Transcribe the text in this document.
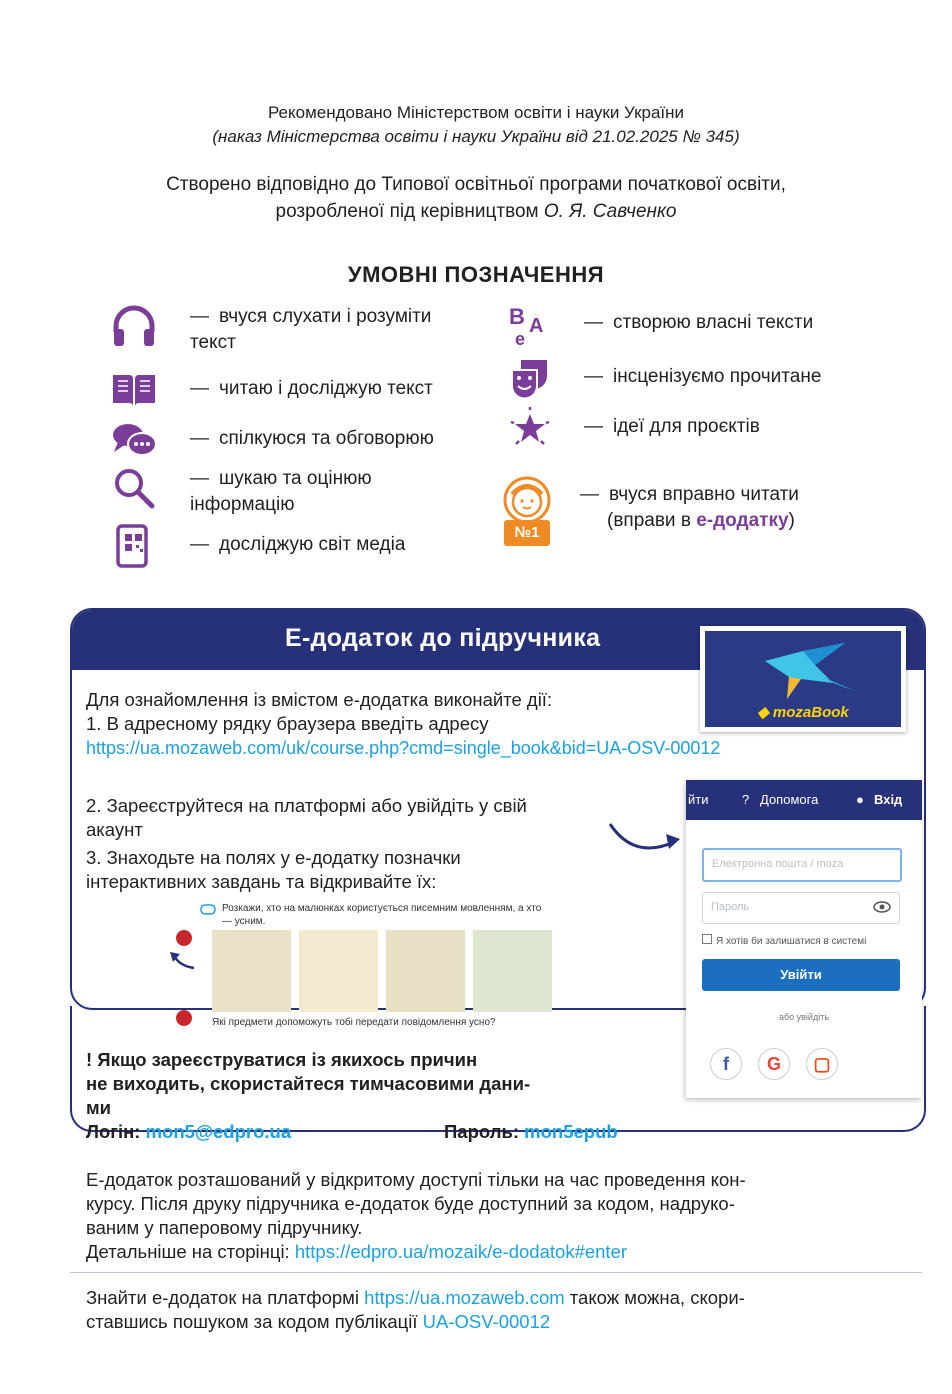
Рекомендовано Міністерством освіти і науки України
(наказ Міністерства освіти і науки України від 21.02.2025 № 345)
Створено відповідно до Типової освітньої програми початкової освіти,
розробленої під керівництвом О. Я. Савченко
УМОВНІ ПОЗНАЧЕННЯ
— вчуся слухати і розуміти текст
— читаю і досліджую текст
— спілкуюся та обговорюю
— шукаю та оцінюю інформацію
— досліджую світ медіа
B A
e
— створюю власні тексти
— інсценізуємо прочитане
— ідеї для проєктів
№1
— вчуся вправно читати
(вправи в е-додатку)
Е-додаток до підручника
◆ mozaBook
Для ознайомлення із вмістом е-додатка виконайте дії:
1. В адресному рядку браузера введіть адресу
https://ua.mozaweb.com/uk/course.php?cmd=single_book&bid=UA-OSV-00012
2. Зареєструйтеся на платформі або увійдіть у свій
акаунт
3. Знаходьте на полях у е-додатку позначки
інтерактивних завдань та відкривайте їх:
Розкажи, хто на малюнках користується писемним мовленням, а хто — усним.
Які предмети допоможуть тобі передати повідомлення усно?
йти	? Допомога	● Вхід
Електронна пошта / moza
Пароль
Я хотів би залишатися в системі
Увійти
або увійдіть
f	G	▢
! Якщо зареєструватися із якихось причин
не виходить, скористайтеся тимчасовими дани-
ми
Логін: mon5@edpro.ua	Пароль: mon5epub
Е-додаток розташований у відкритому доступі тільки на час проведення кон-
курсу. Після друку підручника е-додаток буде доступний за кодом, надруко-
ваним у паперовому підручнику.
Детальніше на сторінці: https://edpro.ua/mozaik/e-dodatok#enter
Знайти е-додаток на платформі https://ua.mozaweb.com також можна, скори-
ставшись пошуком за кодом публікації UA-OSV-00012
